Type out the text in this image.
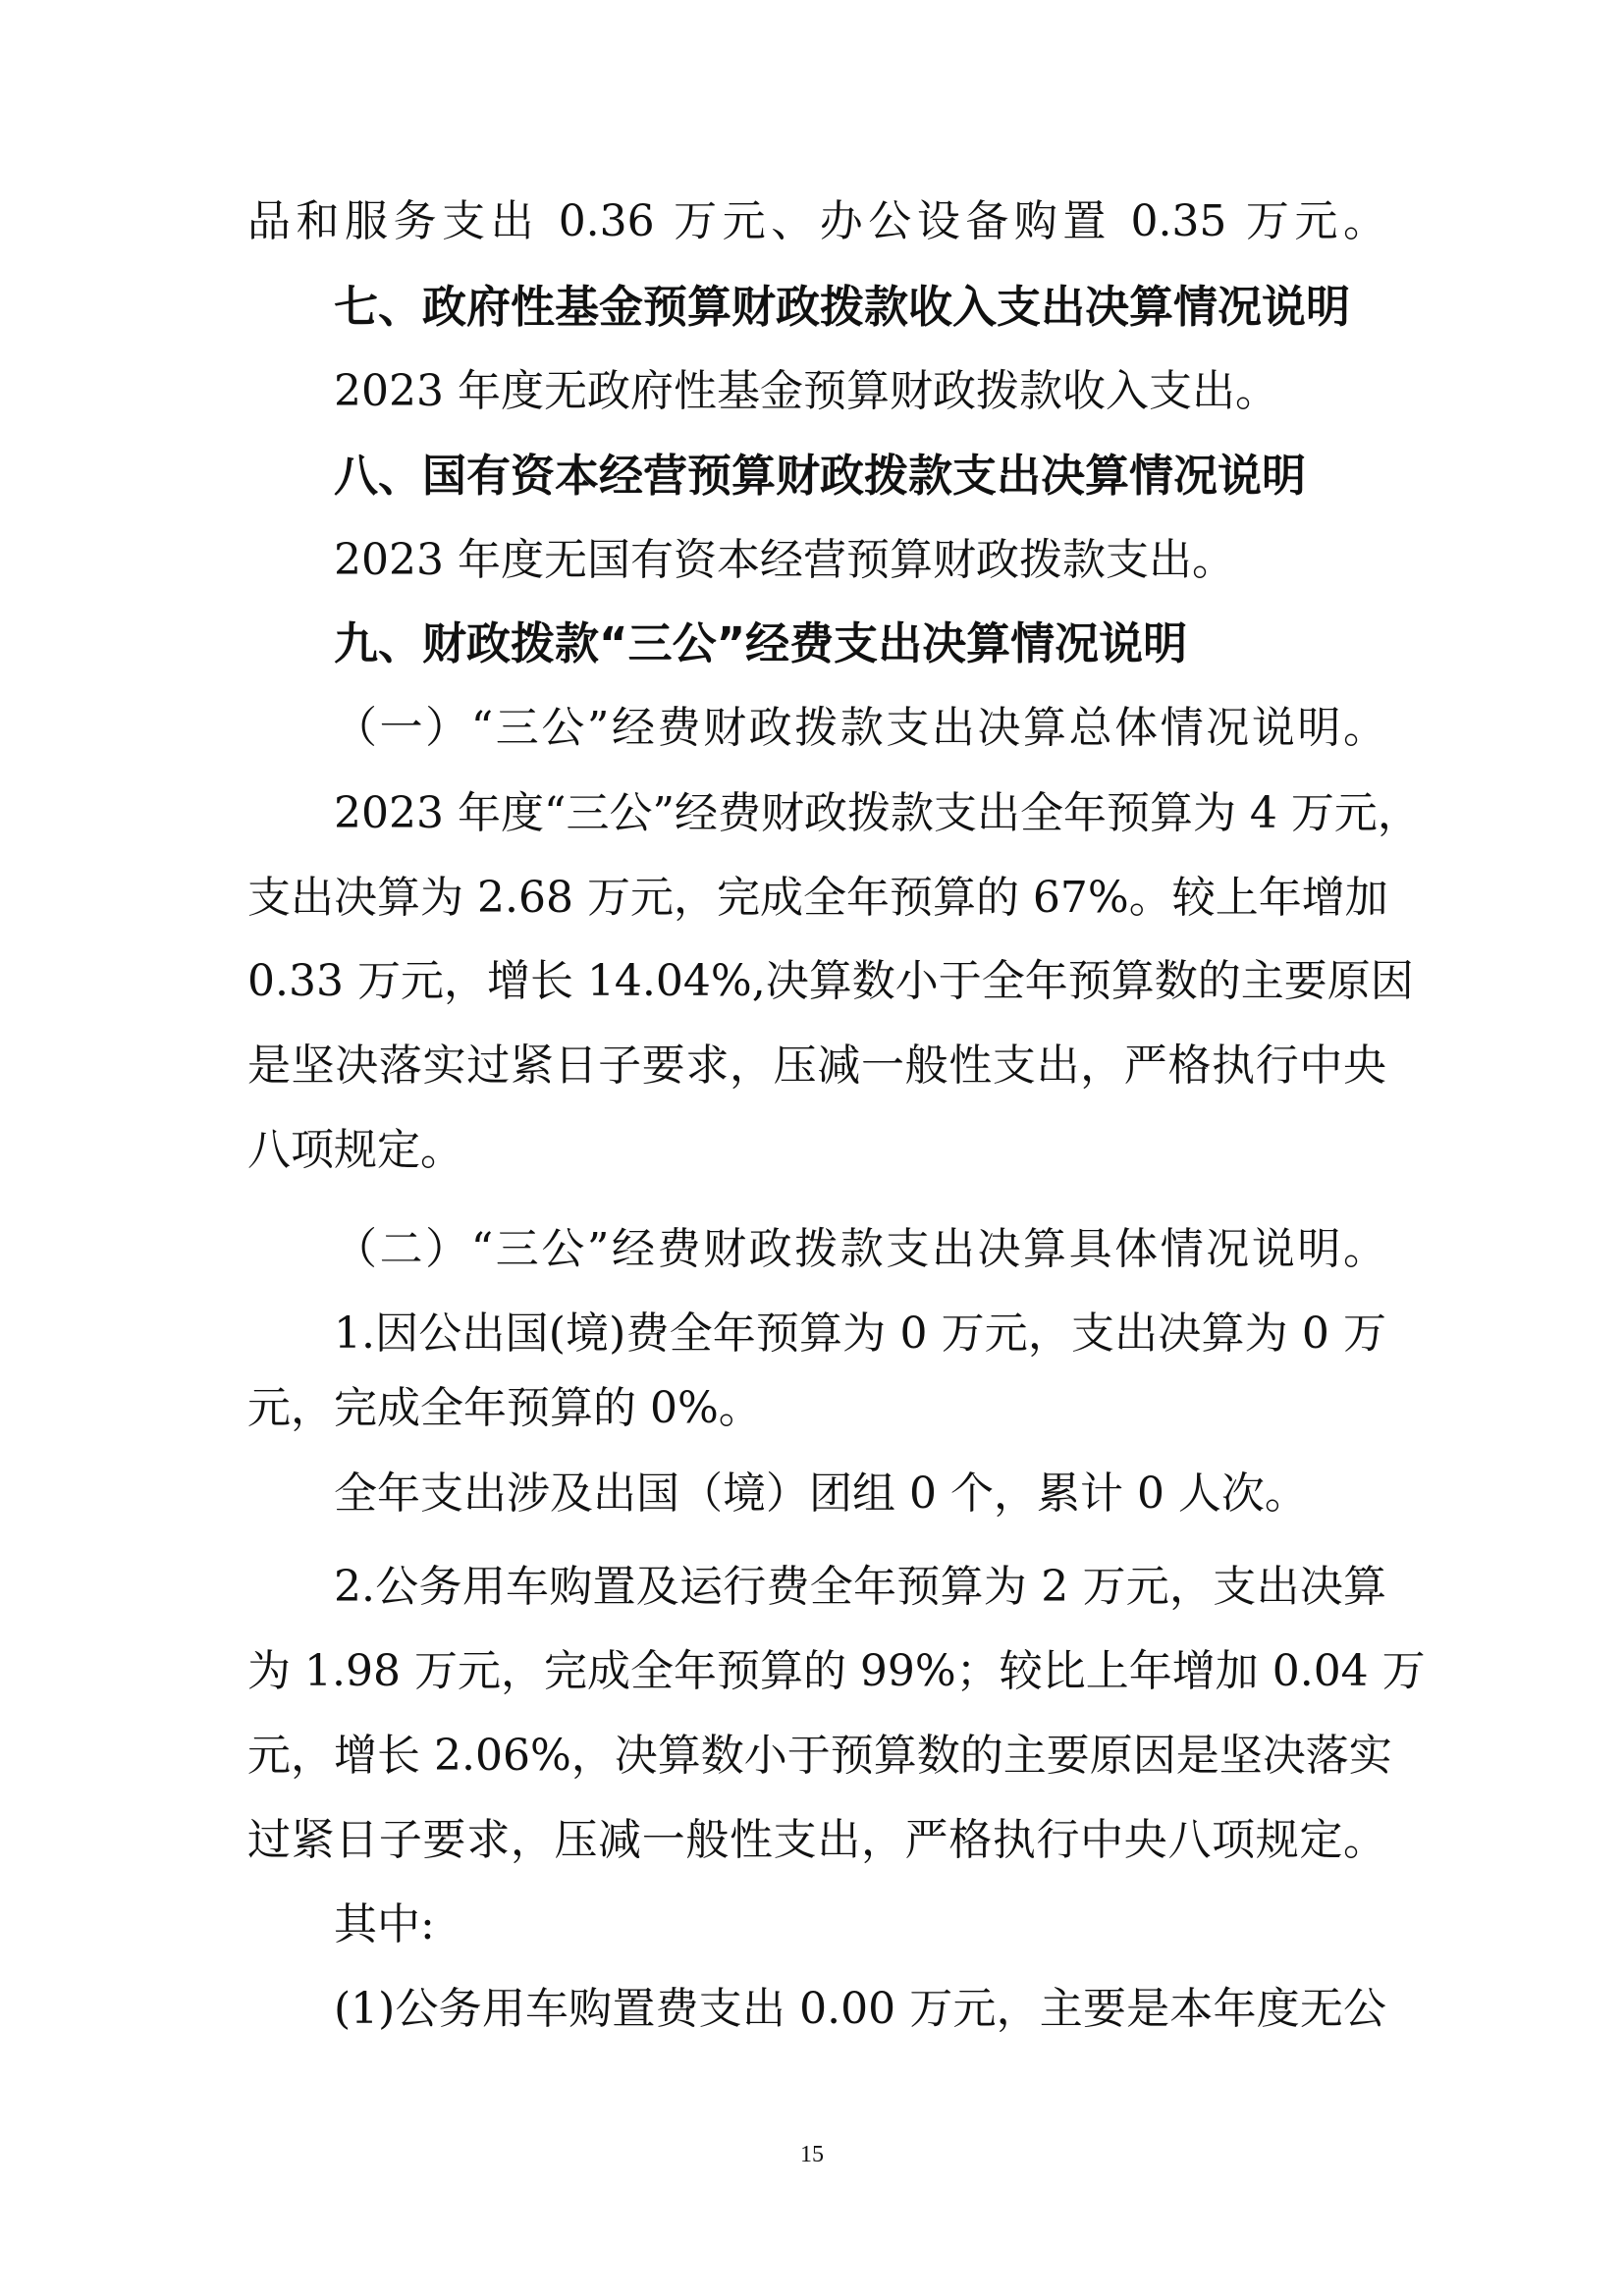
品和服务支出 0.36 万元、办公设备购置 0.35 万元。
七、政府性基金预算财政拨款收入支出决算情况说明
2023 年度无政府性基金预算财政拨款收入支出。
八、国有资本经营预算财政拨款支出决算情况说明
2023 年度无国有资本经营预算财政拨款支出。
九、财政拨款“三公”经费支出决算情况说明
（一）“三公”经费财政拨款支出决算总体情况说明。
2023 年度“三公”经费财政拨款支出全年预算为 4 万元，
支出决算为 2.68 万元，完成全年预算的 67%。较上年增加
0.33 万元，增长 14.04%,决算数小于全年预算数的主要原因
是坚决落实过紧日子要求，压减一般性支出，严格执行中央
八项规定。
（二）“三公”经费财政拨款支出决算具体情况说明。
1.因公出国(境)费全年预算为 0 万元，支出决算为 0 万
元，完成全年预算的 0%。
全年支出涉及出国（境）团组 0 个，累计 0 人次。
2.公务用车购置及运行费全年预算为 2 万元，支出决算
为 1.98 万元，完成全年预算的 99%；较比上年增加 0.04 万
元，增长 2.06%，决算数小于预算数的主要原因是坚决落实
过紧日子要求，压减一般性支出，严格执行中央八项规定。
其中:
(1)公务用车购置费支出 0.00 万元，主要是本年度无公
15
